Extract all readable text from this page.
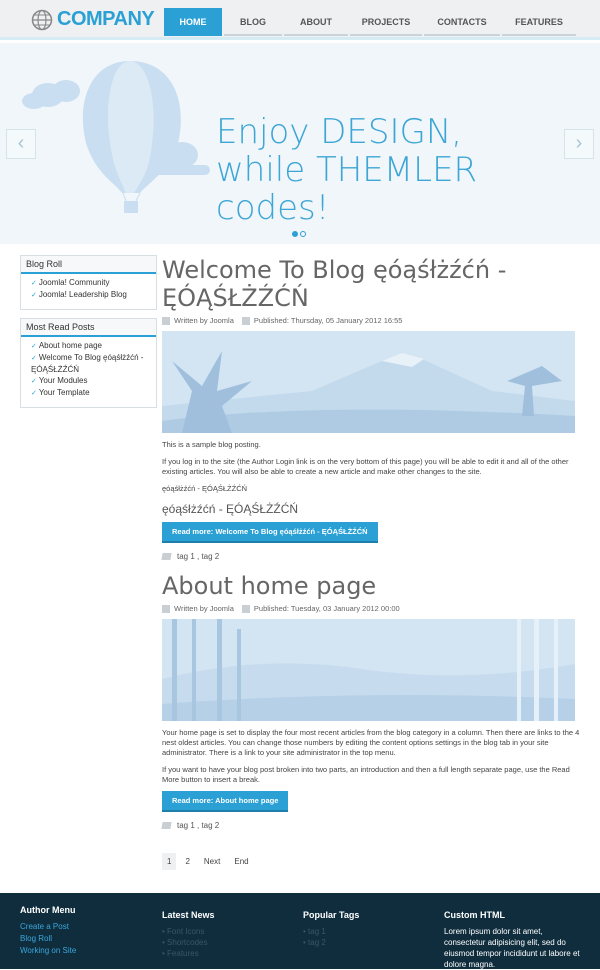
COMPANY	HOME	BLOG	ABOUT	PROJECTS	CONTACTS	FEATURES
Enjoy DESIGN,
while THEMLER codes!
‹	›
Blog Roll
✓ Joomla! Community
✓ Joomla! Leadership Blog
Most Read Posts
✓ About home page
✓ Welcome To Blog ęóąśłżźćń - ĘÓĄŚŁŻŹĆŃ
✓ Your Modules
✓ Your Template
Welcome To Blog ęóąśłżźćń - ĘÓĄŚŁŻŹĆŃ
Written by Joomla	Published: Thursday, 05 January 2012 16:55

This is a sample blog posting.

If you log in to the site (the Author Login link is on the very bottom of this page) you will be able to edit it and all of the other existing articles. You will also be able to create a new article and make other changes to the site.

ęóąśłżźćń - ĘÓĄŚŁŻŹĆŃ

ęóąśłżźćń - ĘÓĄŚŁŻŹĆŃ
Read more: Welcome To Blog ęóąśłżźćń - ĘÓĄŚŁŻŹĆŃ
tag 1 , tag 2
About home page
Written by Joomla	Published: Tuesday, 03 January 2012 00:00

Your home page is set to display the four most recent articles from the blog category in a column. Then there are links to the 4 nest oldest articles. You can change those numbers by editing the content options settings in the blog tab in your site administrator. There is a link to your site administrator in the top menu.

If you want to have your blog post broken into two parts, an introduction and then a full length separate page, use the Read More button to insert a break.

Read more: About home page
tag 1 , tag 2
1	2	Next	End
Author Menu
Create a Post
Blog Roll
Working on Site
Latest News
• Font Icons
• Shortcodes
• Features
Popular Tags
• tag 1
• tag 2
Custom HTML
Lorem ipsum dolor sit amet, consectetur adipisicing elit, sed do eiusmod tempor incididunt ut labore et dolore magna.
